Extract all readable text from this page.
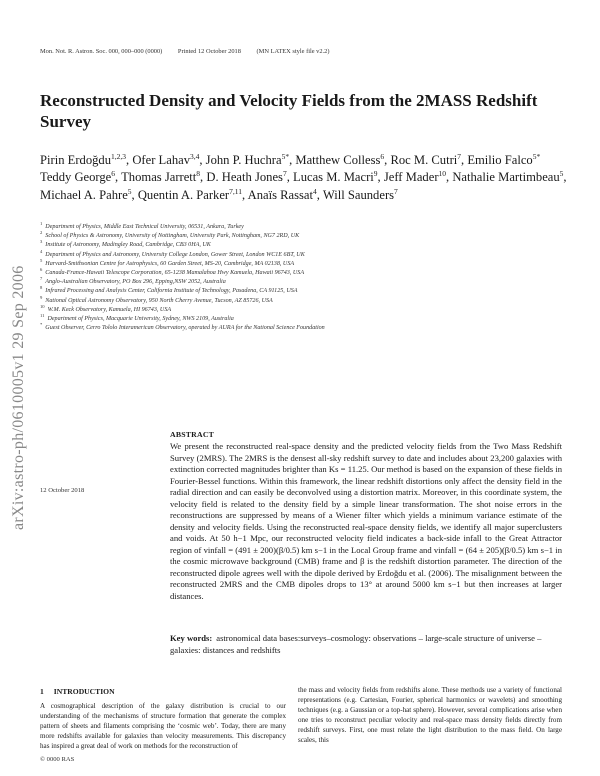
Mon. Not. R. Astron. Soc. 000, 000–000 (0000) Printed 12 October 2018 (MN LATEX style file v2.2)
Reconstructed Density and Velocity Fields from the 2MASS Redshift Survey
Pirin Erdoğdu$^{1,2,3}$, Ofer Lahav$^{3,4}$, John P. Huchra$^{5*}$, Matthew Colless$^6$, Roc M. Cutri$^7$, Emilio Falco$^{5*}$ Teddy George$^6$, Thomas Jarrett$^8$, D. Heath Jones$^7$, Lucas M. Macri$^9$, Jeff Mader$^{10}$, Nathalie Martimbeau$^5$, Michael A. Pahre$^5$, Quentin A. Parker$^{7,11}$, Anaïs Rassat$^4$, Will Saunders$^7$
$^1$Department of Physics, Middle East Technical University, 06531, Ankara, Turkey
$^2$School of Physics & Astronomy, University of Nottingham, University Park, Nottingham, NG7 2RD, UK
$^3$Institute of Astronomy, Madingley Road, Cambridge, CB3 0HA, UK
$^4$Department of Physics and Astronomy, University College London, Gower Street, London WC1E 6BT, UK
$^5$Harvard-Smithsonian Centre for Astrophysics, 60 Garden Street, MS-20, Cambridge, MA 02138, USA
$^6$Canada-France-Hawaii Telescope Corporation, 65-1238 Mamalahoa Hwy Kamuela, Hawaii 96743, USA
$^7$Anglo-Australian Observatory, PO Box 296, Epping,NSW 2052, Australia
$^8$Infrared Processing and Analysis Center, California Institute of Technology, Pasadena, CA 91125, USA
$^9$National Optical Astronomy Observatory, 950 North Cherry Avenue, Tucson, AZ 85726, USA
$^{10}$W.M. Keck Observatory, Kamuela, HI 96743, USA
$^{11}$Department of Physics, Macquarie University, Sydney, NWS 2109, Australia
*Guest Observer, Cerro Tololo Interamerican Observatory, operated by AURA for the National Science Foundation
arXiv:astro-ph/0610005v1 29 Sep 2006	ABSTRACT
We present the reconstructed real-space density and the predicted velocity fields from the Two Mass Redshift Survey (2MRS). The 2MRS is the densest all-sky redshift survey to date and includes about 23,200 galaxies with extinction corrected magnitudes brighter than Ks = 11.25. Our method is based on the expansion of these fields in Fourier-Bessel functions. Within this framework, the linear redshift distortions only affect the density field in the radial direction and can easily be deconvolved using a distortion matrix. Moreover, in this coordinate system, the velocity field is related to the density field by a simple linear transformation. The shot noise errors in the reconstructions are suppressed by means of a Wiener filter which yields a minimum variance estimate of the density and velocity fields. Using the reconstructed real-space density fields, we identify all major superclusters and voids. At 50 h−1 Mpc, our reconstructed velocity field indicates a back-side infall to the Great Attractor region of vinfall = (491 ± 200)(β/0.5) km s−1 in the Local Group frame and vinfall = (64 ± 205)(β/0.5) km s−1 in the cosmic microwave background (CMB) frame and β is the redshift distortion parameter. The direction of the reconstructed dipole agrees well with the dipole derived by Erdoğdu et al. (2006). The misalignment between the reconstructed 2MRS and the CMB dipoles drops to 13° at around 5000 km s−1 but then increases at larger distances.
12 October 2018
Key words: astronomical data bases:surveys–cosmology: observations – large-scale structure of universe – galaxies: distances and redshifts
1 INTRODUCTION
A cosmographical description of the galaxy distribution is crucial to our understanding of the mechanisms of structure formation that generate the complex pattern of sheets and filaments comprising the ‘cosmic web’. Today, there are many more redshifts available for galaxies than velocity measurements. This discrepancy has inspired a great deal of work on methods for the reconstruction of
the mass and velocity fields from redshifts alone. These methods use a variety of functional representations (e.g. Cartesian, Fourier, spherical harmonics or wavelets) and smoothing techniques (e.g. a Gaussian or a top-hat sphere). However, several complications arise when one tries to reconstruct peculiar velocity and real-space mass density fields directly from redshift surveys. First, one must relate the light distribution to the mass field. On large scales, this
© 0000 RAS
